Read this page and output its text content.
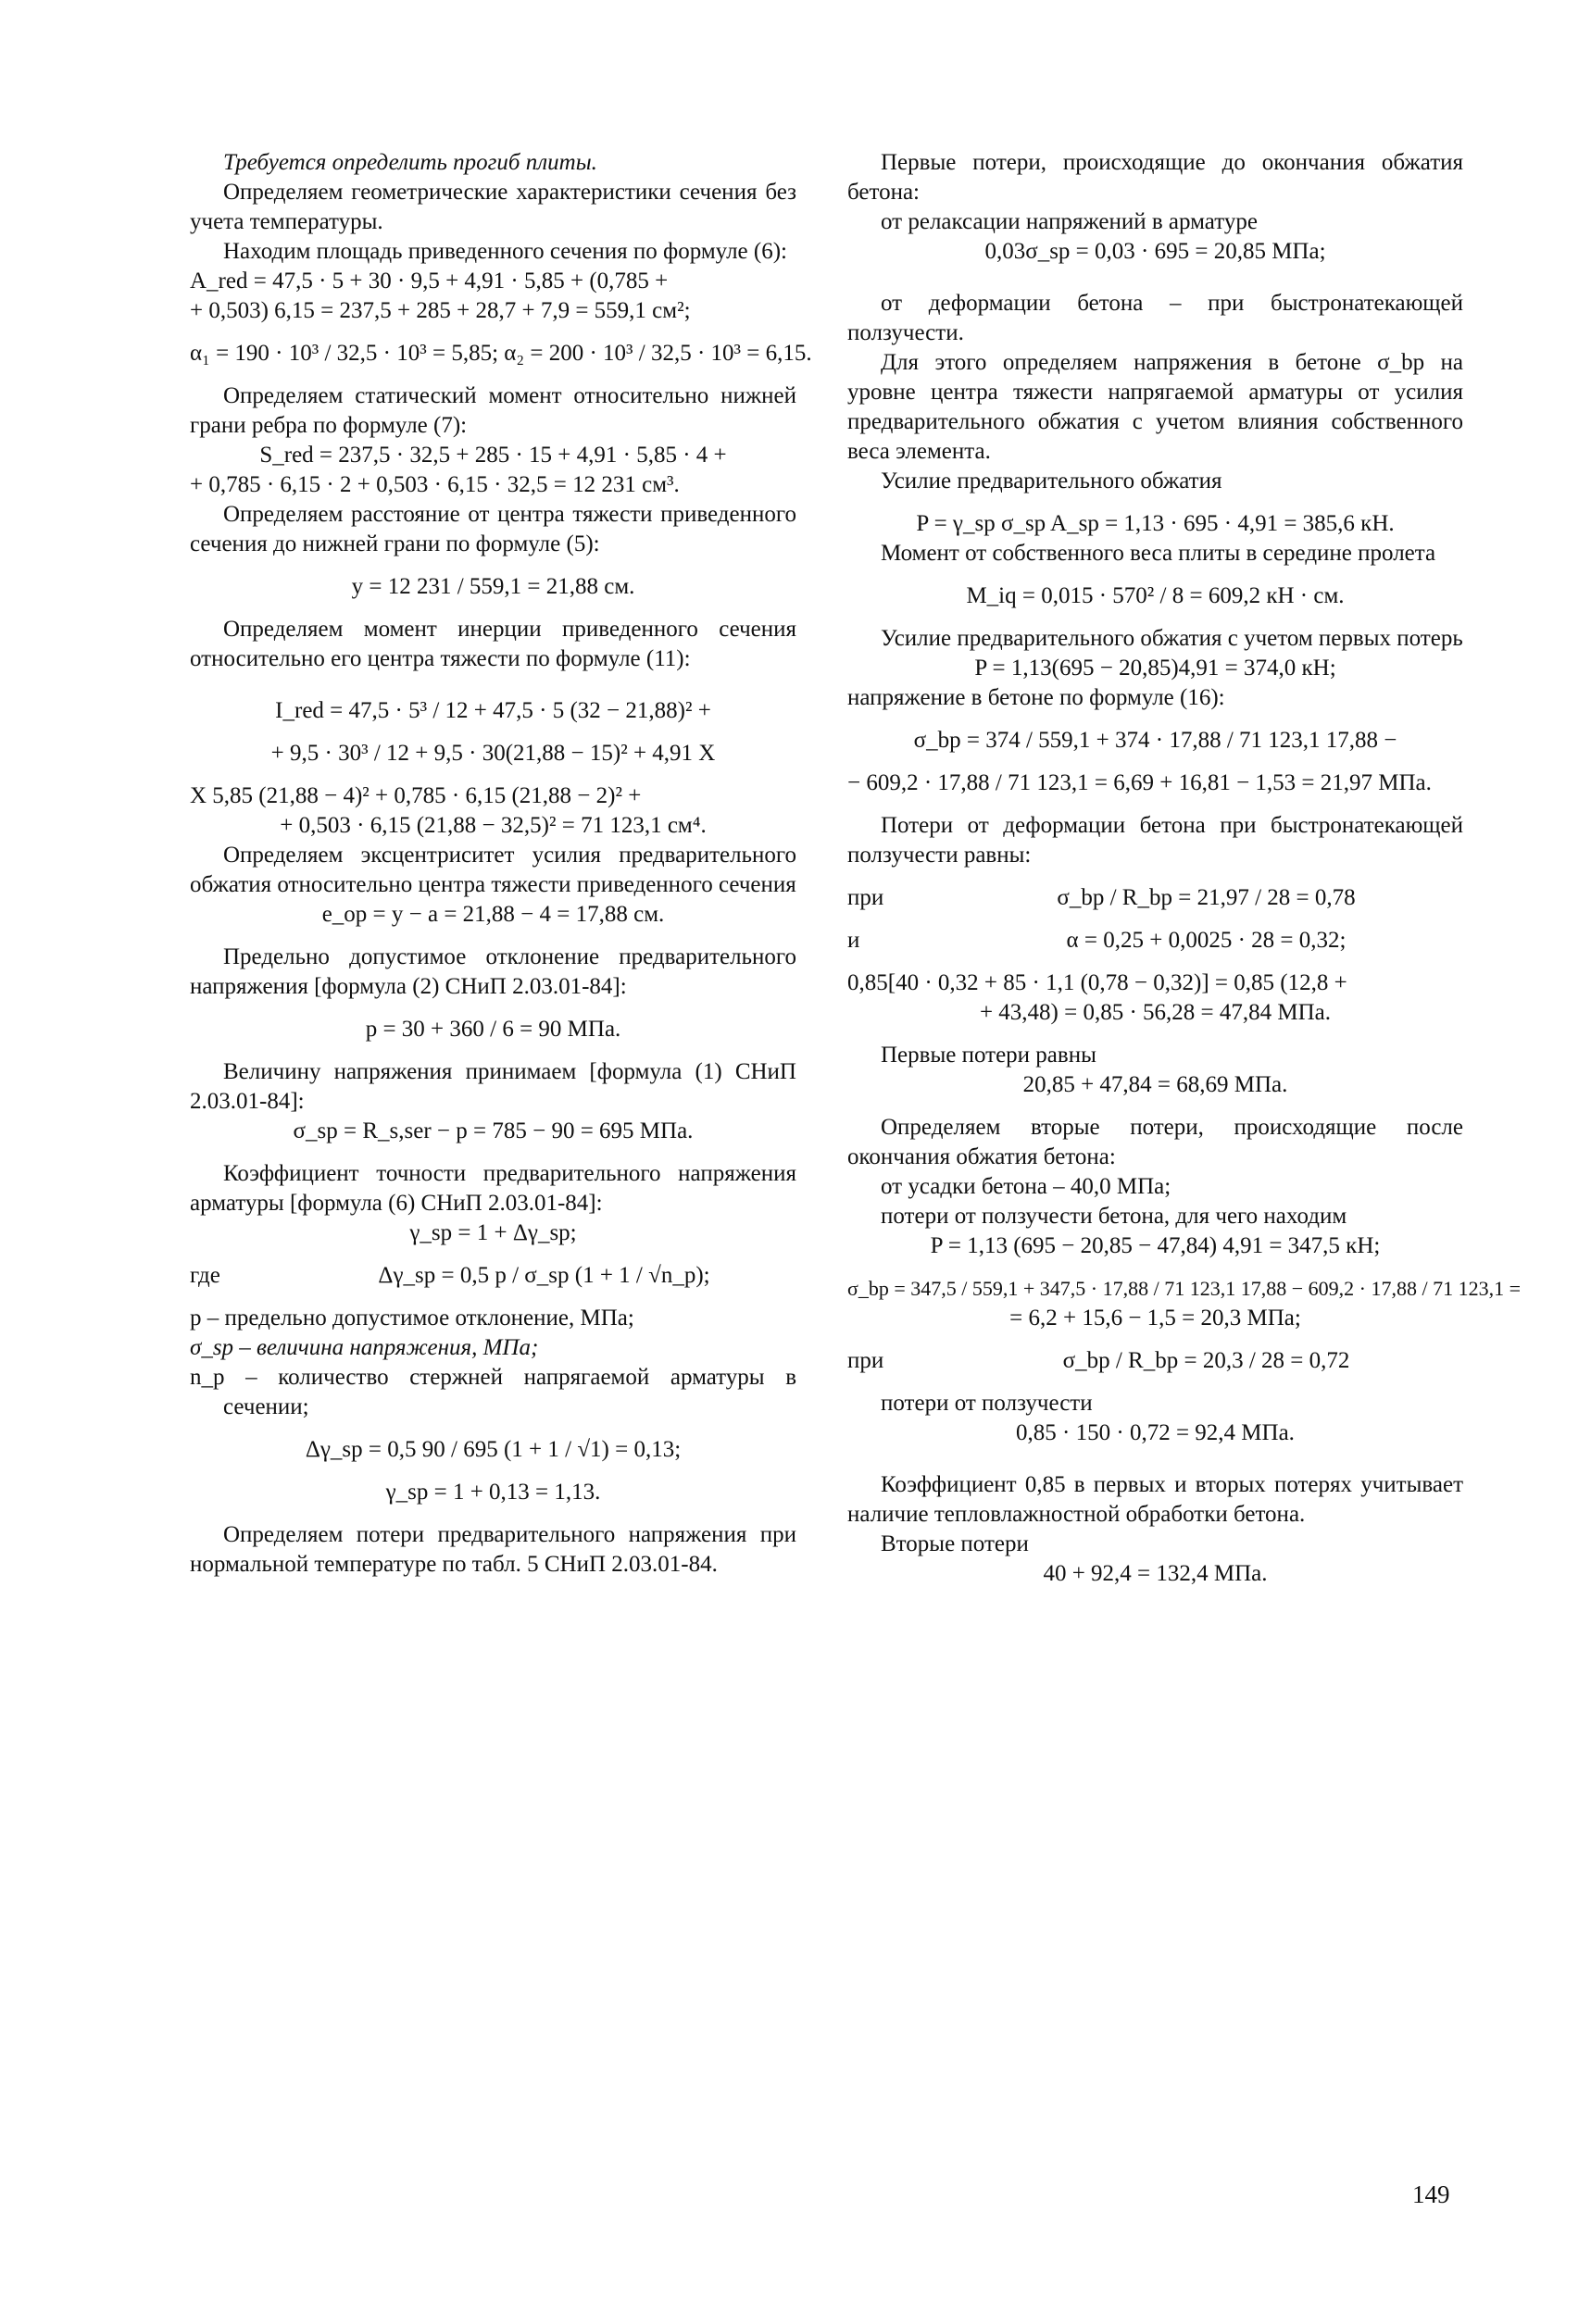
Требуется определить прогиб плиты.

Определяем геометрические характеристики сечения без учета температуры.

Находим площадь приведенного сечения по формуле (6):

A_red = 47,5 · 5 + 30 · 9,5 + 4,91 · 5,85 + (0,785 +
+ 0,503) 6,15 = 237,5 + 285 + 28,7 + 7,9 = 559,1 см²;
α₁ = 190 · 10³ / 32,5 · 10³ = 5,85; α₂ = 200 · 10³ / 32,5 · 10³ = 6,15.

Определяем статический момент относительно нижней грани ребра по формуле (7):

S_red = 237,5 · 32,5 + 285 · 15 + 4,91 · 5,85 · 4 +
+ 0,785 · 6,15 · 2 + 0,503 · 6,15 · 32,5 = 12 231 см³.

Определяем расстояние от центра тяжести приведенного сечения до нижней грани по формуле (5):

y = 12 231 / 559,1 = 21,88 см.

Определяем момент инерции приведенного сечения относительно его центра тяжести по формуле (11):

I_red = 47,5 · 5³ / 12 + 47,5 · 5 (32 − 21,88)² +
+ 9,5 · 30³ / 12 + 9,5 · 30(21,88 − 15)² + 4,91 X
X 5,85 (21,88 − 4)² + 0,785 · 6,15 (21,88 − 2)² +
+ 0,503 · 6,15 (21,88 − 32,5)² = 71 123,1 см⁴.

Определяем эксцентриситет усилия предварительного обжатия относительно центра тяжести приведенного сечения

e_op = y − a = 21,88 − 4 = 17,88 см.

Предельно допустимое отклонение предварительного напряжения [формула (2) СНиП 2.03.01-84]:

p = 30 + 360 / 6 = 90 МПа.

Величину напряжения принимаем [формула (1) СНиП 2.03.01-84]:

σ_sp = R_s,ser − p = 785 − 90 = 695 МПа.

Коэффициент точности предварительного напряжения арматуры [формула (6) СНиП 2.03.01-84]:

γ_sp = 1 + Δγ_sp;
где	Δγ_sp = 0,5 p / σ_sp (1 + 1 / √n_p);

p – предельно допустимое отклонение, МПа;

σ_sp – величина напряжения, МПа;

n_p – количество стержней напрягаемой арматуры в сечении;

Δγ_sp = 0,5 90 / 695 (1 + 1 / √1) = 0,13;
γ_sp = 1 + 0,13 = 1,13.

Определяем потери предварительного напряжения при нормальной температуре по табл. 5 СНиП 2.03.01-84.

Первые потери, происходящие до окончания обжатия бетона:

от релаксации напряжений в арматуре

0,03σ_sp = 0,03 · 695 = 20,85 МПа;

от деформации бетона – при быстронатекающей ползучести.

Для этого определяем напряжения в бетоне σ_bp на уровне центра тяжести напрягаемой арматуры от усилия предварительного обжатия с учетом влияния собственного веса элемента.

Усилие предварительного обжатия

P = γ_sp σ_sp A_sp = 1,13 · 695 · 4,91 = 385,6 кН.

Момент от собственного веса плиты в середине пролета

M_iq = 0,015 · 570² / 8 = 609,2 кН · см.

Усилие предварительного обжатия с учетом первых потерь

P = 1,13(695 − 20,85)4,91 = 374,0 кН;

напряжение в бетоне по формуле (16):

σ_bp = 374 / 559,1 + 374 · 17,88 / 71 123,1 17,88 −
− 609,2 · 17,88 / 71 123,1 = 6,69 + 16,81 − 1,53 = 21,97 МПа.

Потери от деформации бетона при быстронатекающей ползучести равны:

при	σ_bp / R_bp = 21,97 / 28 = 0,78
и	α = 0,25 + 0,0025 · 28 = 0,32;
0,85[40 · 0,32 + 85 · 1,1 (0,78 − 0,32)] = 0,85 (12,8 +
+ 43,48) = 0,85 · 56,28 = 47,84 МПа.

Первые потери равны

20,85 + 47,84 = 68,69 МПа.

Определяем вторые потери, происходящие после окончания обжатия бетона:

от усадки бетона – 40,0 МПа;

потери от ползучести бетона, для чего находим

P = 1,13 (695 − 20,85 − 47,84) 4,91 = 347,5 кН;
σ_bp = 347,5 / 559,1 + 347,5 · 17,88 / 71 123,1 17,88 − 609,2 · 17,88 / 71 123,1 =
= 6,2 + 15,6 − 1,5 = 20,3 МПа;
при	σ_bp / R_bp = 20,3 / 28 = 0,72

потери от ползучести

0,85 · 150 · 0,72 = 92,4 МПа.

Коэффициент 0,85 в первых и вторых потерях учитывает наличие тепловлажностной обработки бетона.

Вторые потери

40 + 92,4 = 132,4 МПа.
149
